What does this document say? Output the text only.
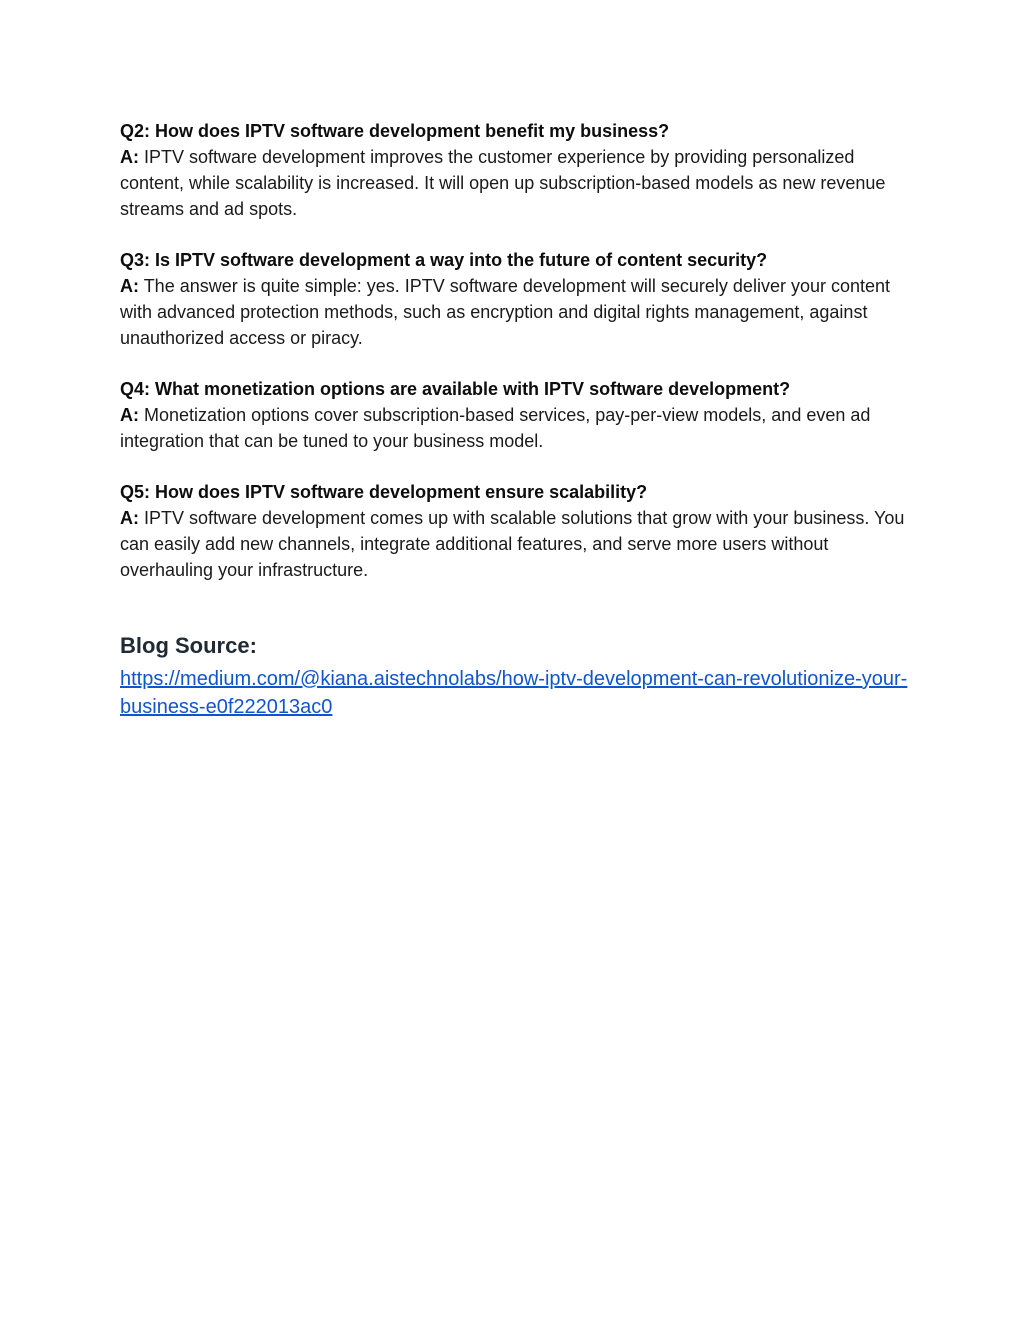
Q2: How does IPTV software development benefit my business?

A: IPTV software development improves the customer experience by providing personalized content, while scalability is increased. It will open up subscription-based models as new revenue streams and ad spots.

Q3: Is IPTV software development a way into the future of content security?

A: The answer is quite simple: yes. IPTV software development will securely deliver your content with advanced protection methods, such as encryption and digital rights management, against unauthorized access or piracy.

Q4: What monetization options are available with IPTV software development?

A: Monetization options cover subscription-based services, pay-per-view models, and even ad integration that can be tuned to your business model.

Q5: How does IPTV software development ensure scalability?

A: IPTV software development comes up with scalable solutions that grow with your business. You can easily add new channels, integrate additional features, and serve more users without overhauling your infrastructure.

Blog Source:
https://medium.com/@kiana.aistechnolabs/how-iptv-development-can-revolutionize-your-business-e0f222013ac0
